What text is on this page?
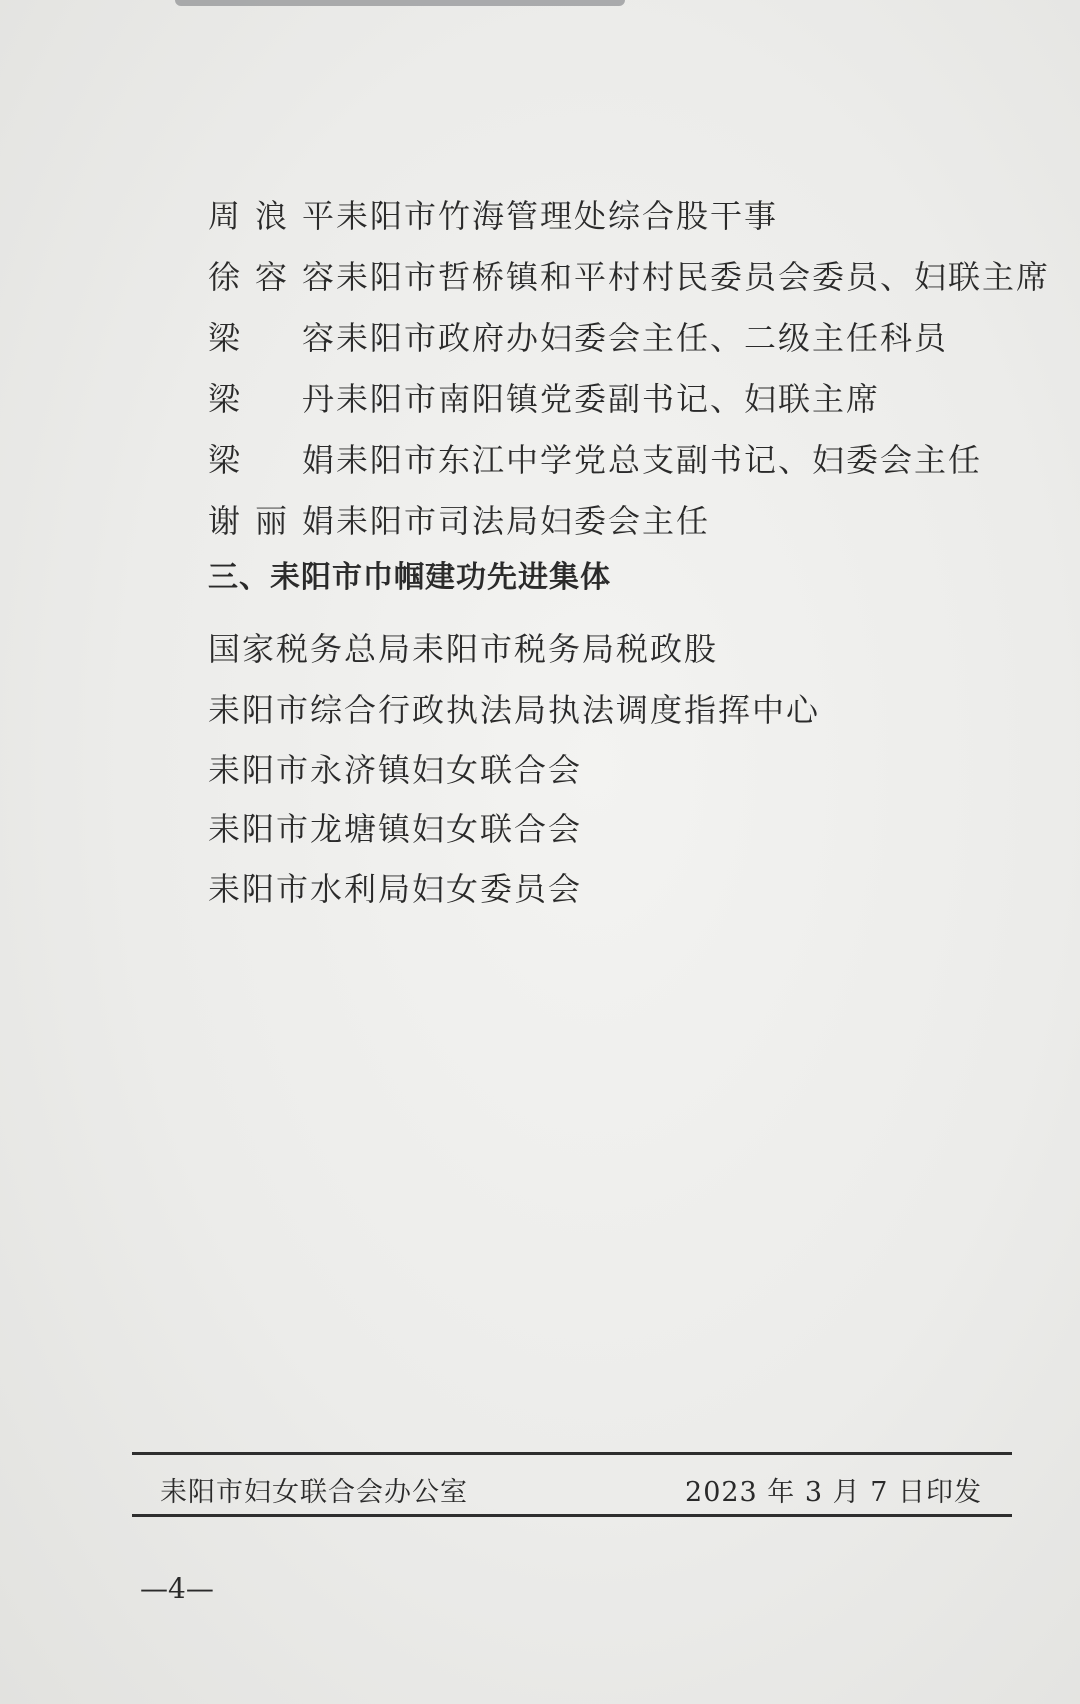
周浪平 耒阳市竹海管理处综合股干事
徐容容 耒阳市哲桥镇和平村村民委员会委员、妇联主席
梁容 耒阳市政府办妇委会主任、二级主任科员
梁丹 耒阳市南阳镇党委副书记、妇联主席
梁娟 耒阳市东江中学党总支副书记、妇委会主任
谢丽娟 耒阳市司法局妇委会主任
三、耒阳市巾帼建功先进集体
国家税务总局耒阳市税务局税政股
耒阳市综合行政执法局执法调度指挥中心
耒阳市永济镇妇女联合会
耒阳市龙塘镇妇女联合会
耒阳市水利局妇女委员会
耒阳市妇女联合会办公室	2023 年 3 月 7 日印发
—4—
